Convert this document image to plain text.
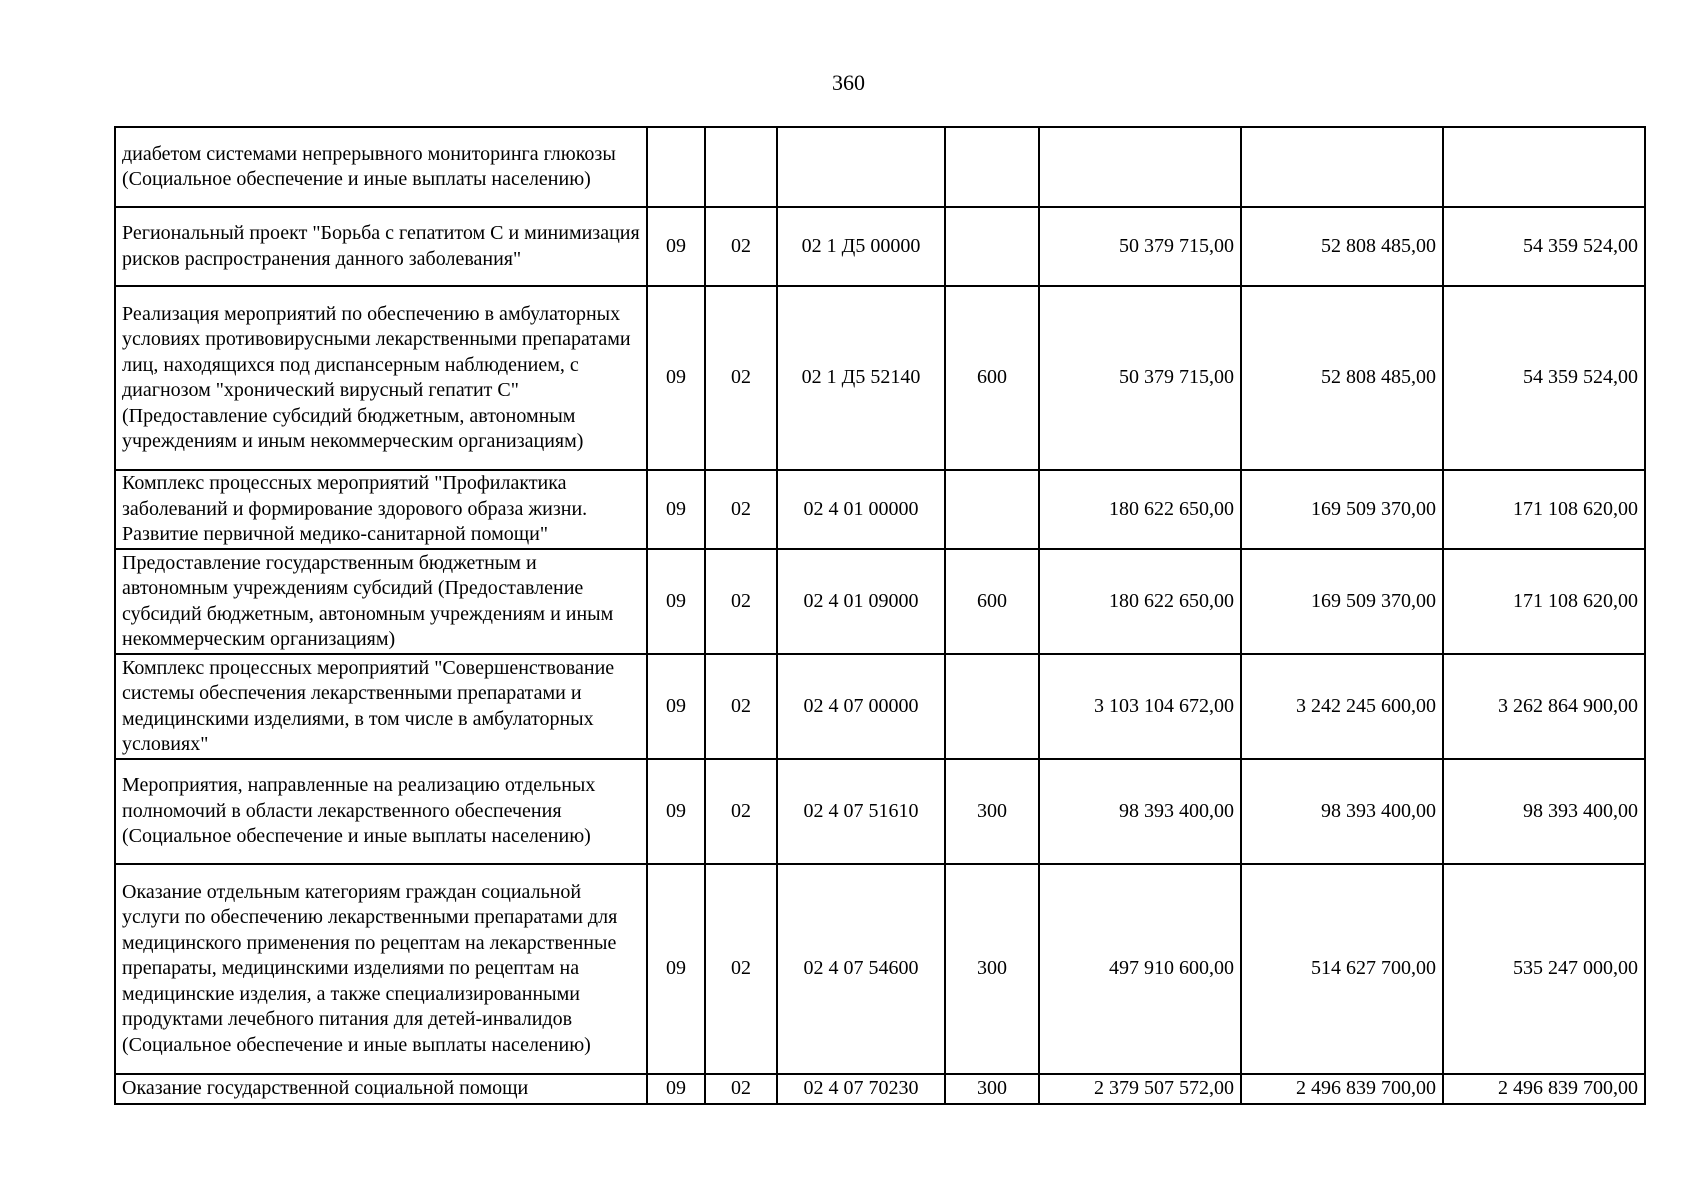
360
диабетом системами непрерывного мониторинга глюкозы (Социальное обеспечение и иные выплаты населению)							
Региональный проект "Борьба с гепатитом С и минимизация рисков распространения данного заболевания"	09	02	02 1 Д5 00000		50 379 715,00	52 808 485,00	54 359 524,00
Реализация мероприятий по обеспечению в амбулаторных условиях противовирусными лекарственными препаратами лиц, находящихся под диспансерным наблюдением, с диагнозом "хронический вирусный гепатит С" (Предоставление субсидий бюджетным, автономным учреждениям и иным некоммерческим организациям)	09	02	02 1 Д5 52140	600	50 379 715,00	52 808 485,00	54 359 524,00
Комплекс процессных мероприятий "Профилактика заболеваний и формирование здорового образа жизни. Развитие первичной медико-санитарной помощи"	09	02	02 4 01 00000		180 622 650,00	169 509 370,00	171 108 620,00
Предоставление государственным бюджетным и автономным учреждениям субсидий (Предоставление субсидий бюджетным, автономным учреждениям и иным некоммерческим организациям)	09	02	02 4 01 09000	600	180 622 650,00	169 509 370,00	171 108 620,00
Комплекс процессных мероприятий "Совершенствование системы обеспечения лекарственными препаратами и медицинскими изделиями, в том числе в амбулаторных условиях"	09	02	02 4 07 00000		3 103 104 672,00	3 242 245 600,00	3 262 864 900,00
Мероприятия, направленные на реализацию отдельных полномочий в области лекарственного обеспечения (Социальное обеспечение и иные выплаты населению)	09	02	02 4 07 51610	300	98 393 400,00	98 393 400,00	98 393 400,00
Оказание отдельным категориям граждан социальной услуги по обеспечению лекарственными препаратами для медицинского применения по рецептам на лекарственные препараты, медицинскими изделиями по рецептам на медицинские изделия, а также специализированными продуктами лечебного питания для детей-инвалидов (Социальное обеспечение и иные выплаты населению)	09	02	02 4 07 54600	300	497 910 600,00	514 627 700,00	535 247 000,00
Оказание государственной социальной помощи	09	02	02 4 07 70230	300	2 379 507 572,00	2 496 839 700,00	2 496 839 700,00
